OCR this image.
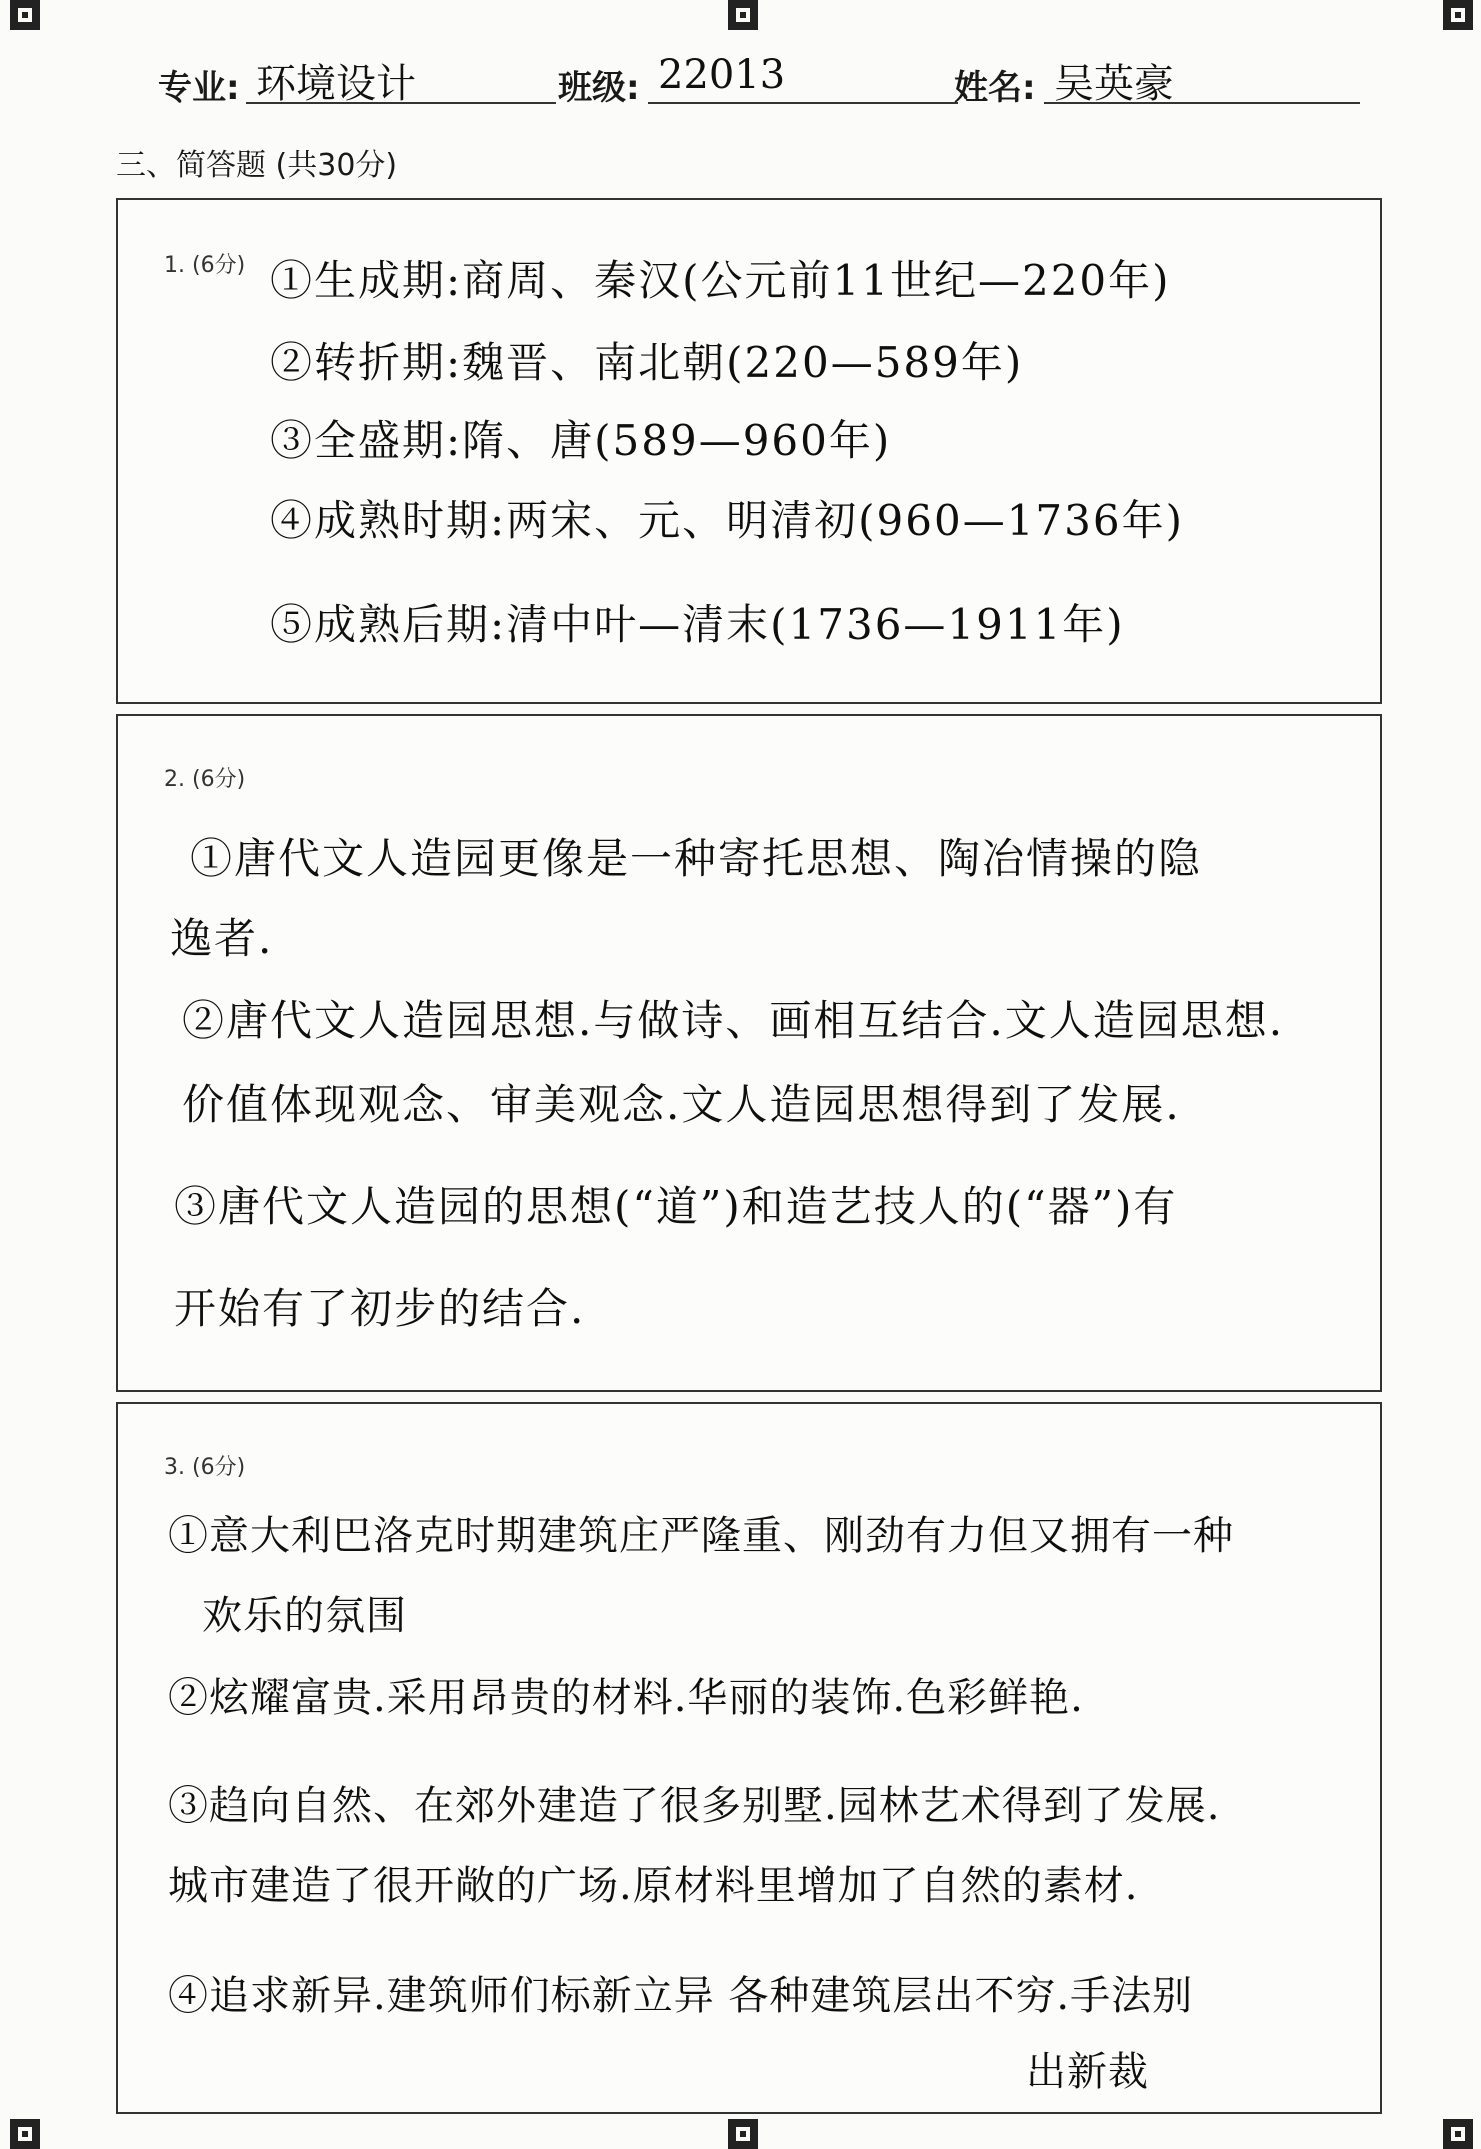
专业: 环境设计	班级: 22013	姓名: 吴英豪
三、简答题 (共30分)
1. (6分) ①生成期:商周、秦汉(公元前11世纪—220年)
②转折期:魏晋、南北朝(220—589年)
③全盛期:隋、唐(589—960年)
④成熟时期:两宋、元、明清初(960—1736年)
⑤成熟后期:清中叶—清末(1736—1911年)
2. (6分)
①唐代文人造园更像是一种寄托思想、陶冶情操的隐
逸者.
②唐代文人造园思想.与做诗、画相互结合.文人造园思想.
价值体现观念、审美观念.文人造园思想得到了发展.
③唐代文人造园的思想(“道”)和造艺技人的(“器”)有
开始有了初步的结合.
3. (6分)
①意大利巴洛克时期建筑庄严隆重、刚劲有力但又拥有一种
欢乐的氛围
②炫耀富贵.采用昂贵的材料.华丽的装饰.色彩鲜艳.
③趋向自然、在郊外建造了很多别墅.园林艺术得到了发展.
城市建造了很开敞的广场.原材料里增加了自然的素材.
④追求新异.建筑师们标新立异 各种建筑层出不穷.手法别
出新裁
